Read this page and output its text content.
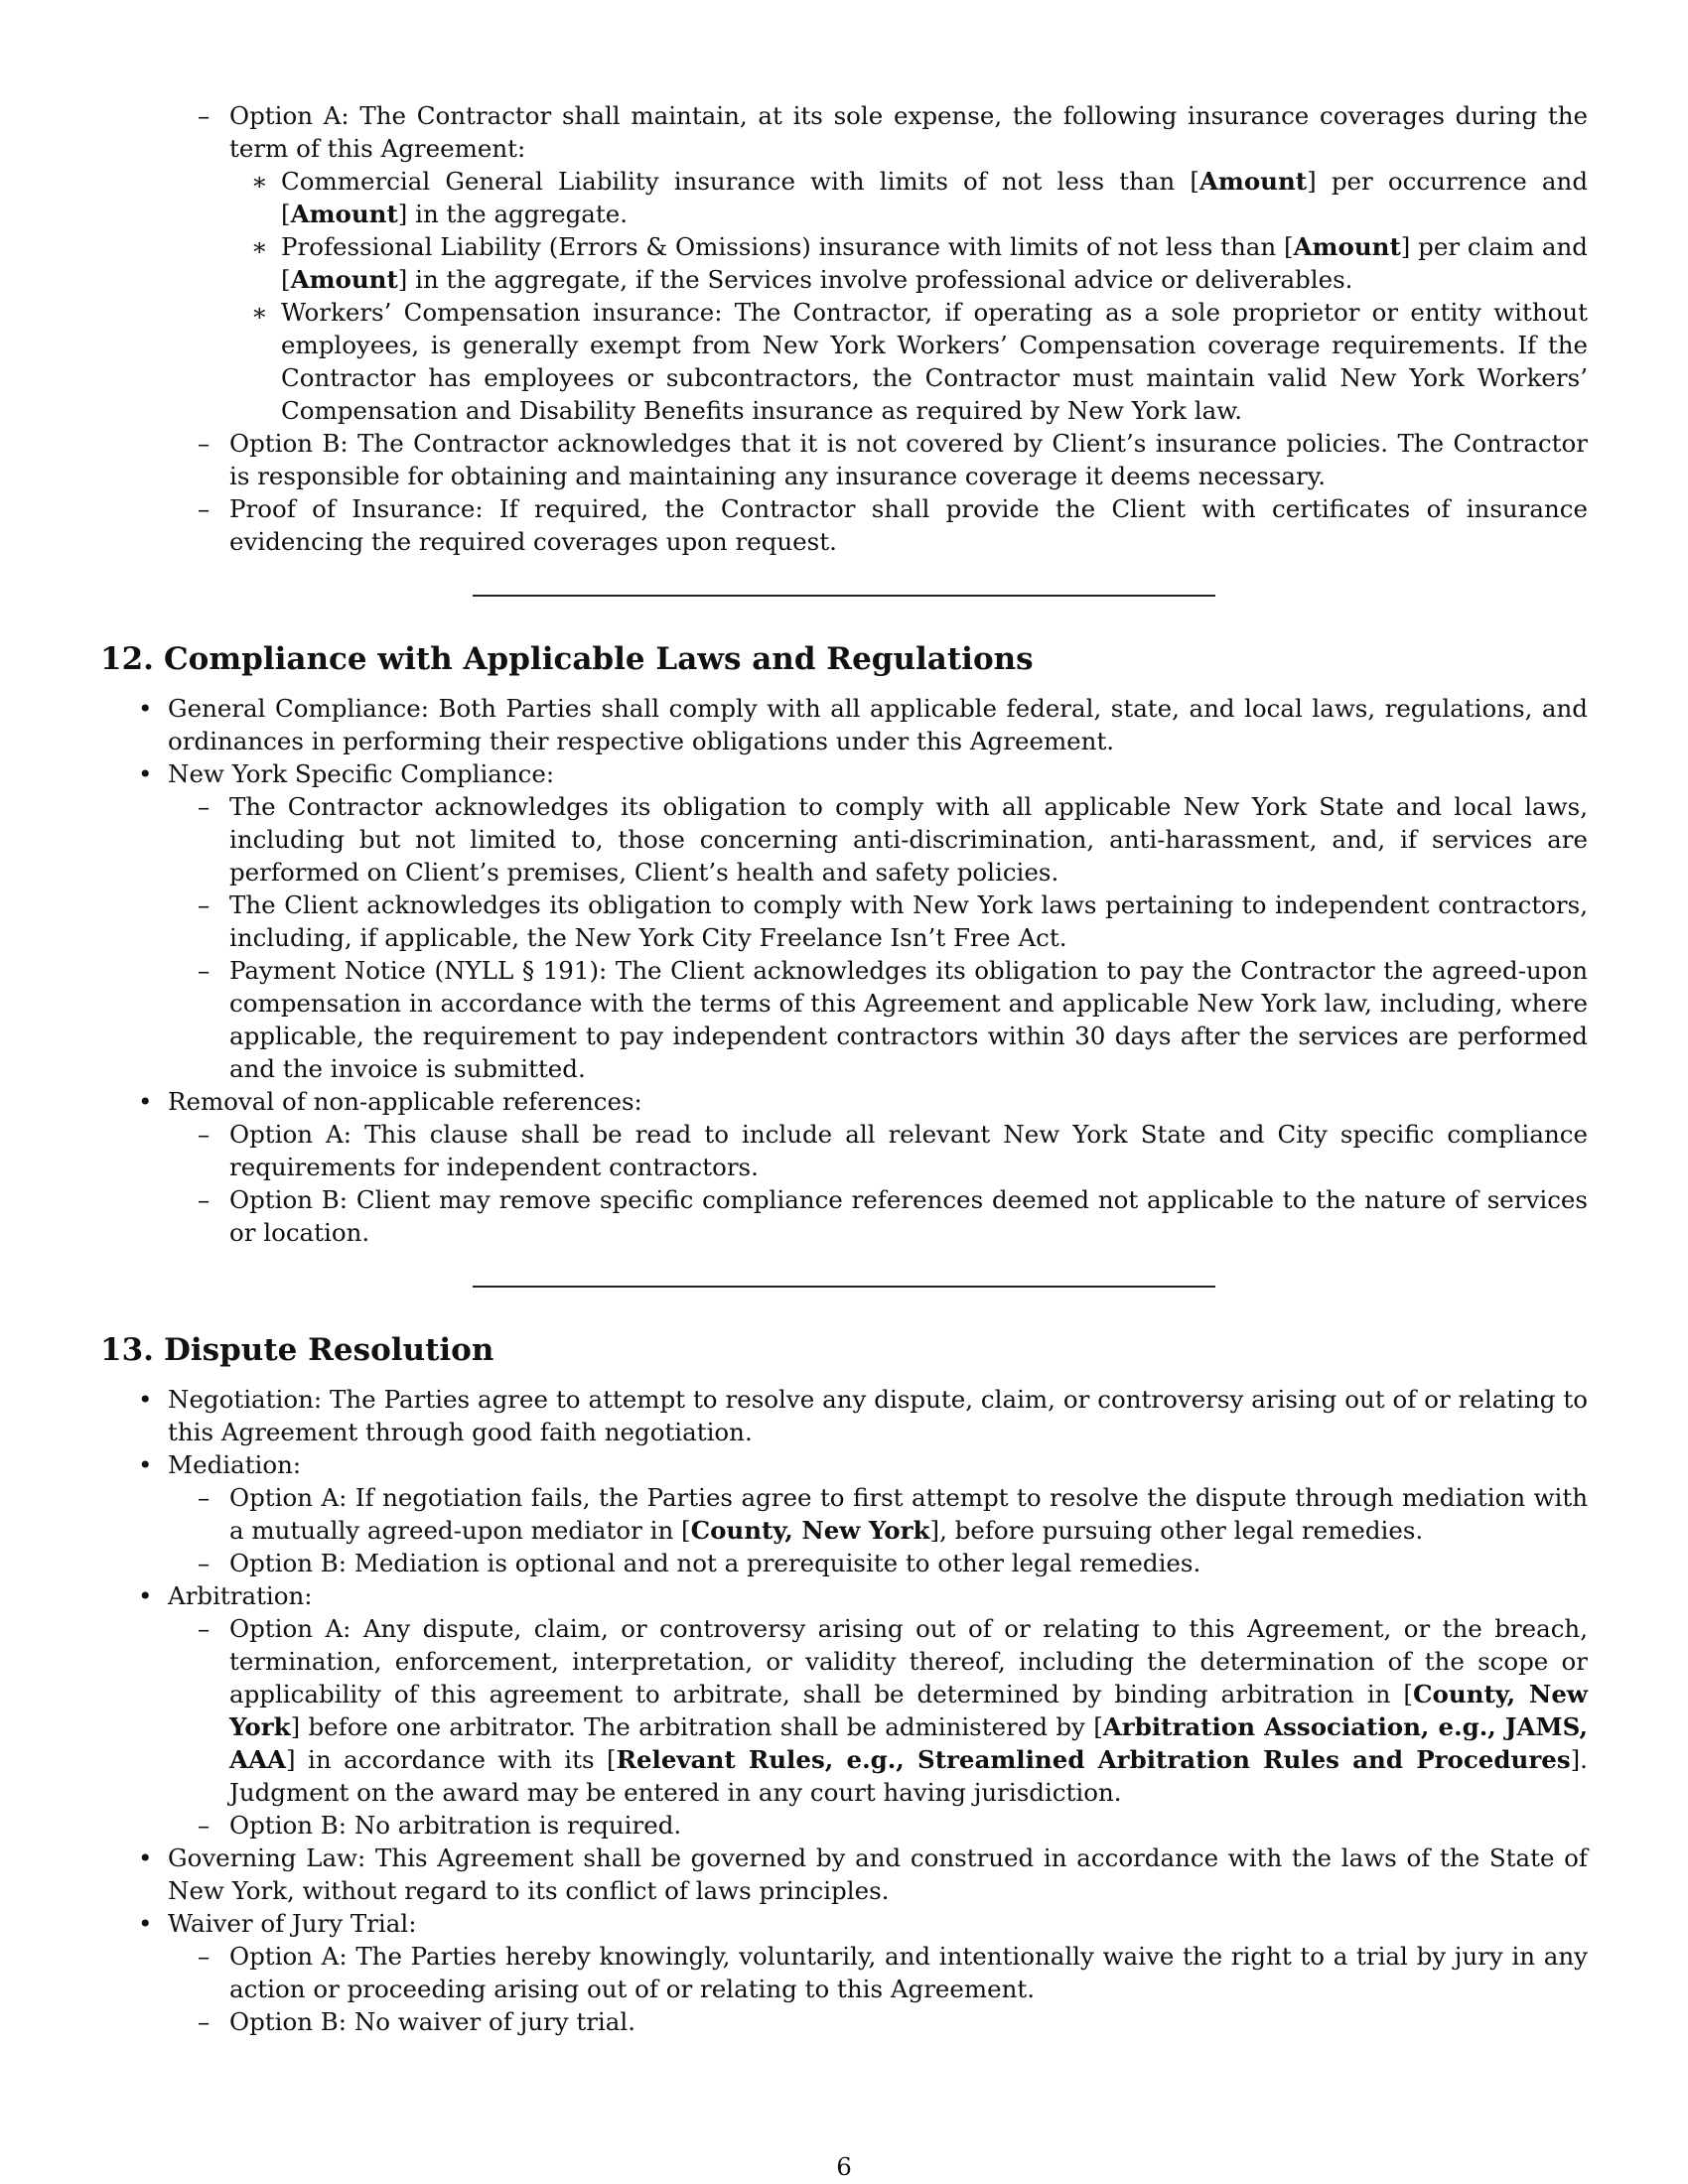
– Option A: The Contractor shall maintain, at its sole expense, the following insurance coverages during the term of this Agreement:

∗ Commercial General Liability insurance with limits of not less than [Amount] per occurrence and [Amount] in the aggregate.
∗ Professional Liability (Errors & Omissions) insurance with limits of not less than [Amount] per claim and [Amount] in the aggregate, if the Services involve professional advice or deliverables.
∗ Workers’ Compensation insurance: The Contractor, if operating as a sole proprietor or entity without employees, is generally exempt from New York Workers’ Compensation coverage requirements. If the Contractor has employees or subcontractors, the Contractor must maintain valid New York Workers’ Compensation and Disability Benefits insurance as required by New York law.
– Option B: The Contractor acknowledges that it is not covered by Client’s insurance policies. The Contractor is responsible for obtaining and maintaining any insurance coverage it deems necessary.
– Proof of Insurance: If required, the Contractor shall provide the Client with certificates of insurance evidencing the required coverages upon request.
12. Compliance with Applicable Laws and Regulations
• General Compliance: Both Parties shall comply with all applicable federal, state, and local laws, regulations, and ordinances in performing their respective obligations under this Agreement.
• New York Specific Compliance:
– The Contractor acknowledges its obligation to comply with all applicable New York State and local laws, including but not limited to, those concerning anti-discrimination, anti-harassment, and, if services are performed on Client’s premises, Client’s health and safety policies.
– The Client acknowledges its obligation to comply with New York laws pertaining to independent contractors, including, if applicable, the New York City Freelance Isn’t Free Act.
– Payment Notice (NYLL § 191): The Client acknowledges its obligation to pay the Contractor the agreed-upon compensation in accordance with the terms of this Agreement and applicable New York law, including, where applicable, the requirement to pay independent contractors within 30 days after the services are performed and the invoice is submitted.
• Removal of non-applicable references:
– Option A: This clause shall be read to include all relevant New York State and City specific compliance requirements for independent contractors.
– Option B: Client may remove specific compliance references deemed not applicable to the nature of services or location.
13. Dispute Resolution
• Negotiation: The Parties agree to attempt to resolve any dispute, claim, or controversy arising out of or relating to this Agreement through good faith negotiation.
• Mediation:
– Option A: If negotiation fails, the Parties agree to first attempt to resolve the dispute through mediation with a mutually agreed-upon mediator in [County, New York], before pursuing other legal remedies.
– Option B: Mediation is optional and not a prerequisite to other legal remedies.
• Arbitration:
– Option A: Any dispute, claim, or controversy arising out of or relating to this Agreement, or the breach, termination, enforcement, interpretation, or validity thereof, including the determination of the scope or applicability of this agreement to arbitrate, shall be determined by binding arbitration in [County, New York] before one arbitrator. The arbitration shall be administered by [Arbitration Association, e.g., JAMS, AAA] in accordance with its [Relevant Rules, e.g., Streamlined Arbitration Rules and Procedures]. Judgment on the award may be entered in any court having jurisdiction.
– Option B: No arbitration is required.
• Governing Law: This Agreement shall be governed by and construed in accordance with the laws of the State of New York, without regard to its conflict of laws principles.
• Waiver of Jury Trial:
– Option A: The Parties hereby knowingly, voluntarily, and intentionally waive the right to a trial by jury in any action or proceeding arising out of or relating to this Agreement.
– Option B: No waiver of jury trial.
6
